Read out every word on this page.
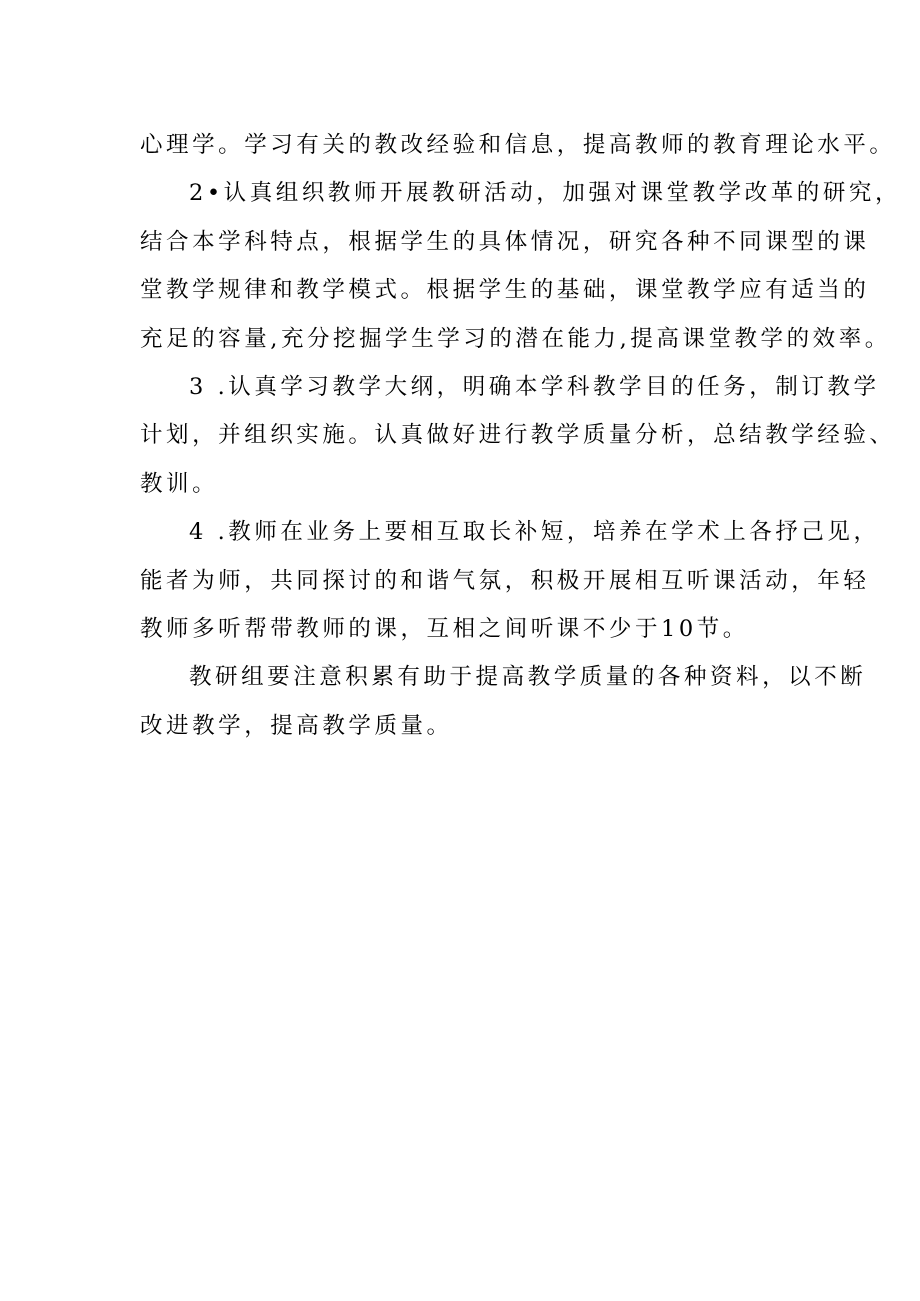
心理学。学习有关的教改经验和信息，提高教师的教育理论水平。
2•认真组织教师开展教研活动，加强对课堂教学改革的研究，
结合本学科特点，根据学生的具体情况，研究各种不同课型的课
堂教学规律和教学模式。根据学生的基础，课堂教学应有适当的
充足的容量,充分挖掘学生学习的潜在能力,提高课堂教学的效率。
3 .认真学习教学大纲，明确本学科教学目的任务，制订教学
计划，并组织实施。认真做好进行教学质量分析，总结教学经验、
教训。
4 .教师在业务上要相互取长补短，培养在学术上各抒己见，
能者为师，共同探讨的和谐气氛，积极开展相互听课活动，年轻
教师多听帮带教师的课，互相之间听课不少于10节。
教研组要注意积累有助于提高教学质量的各种资料，以不断
改进教学，提高教学质量。
